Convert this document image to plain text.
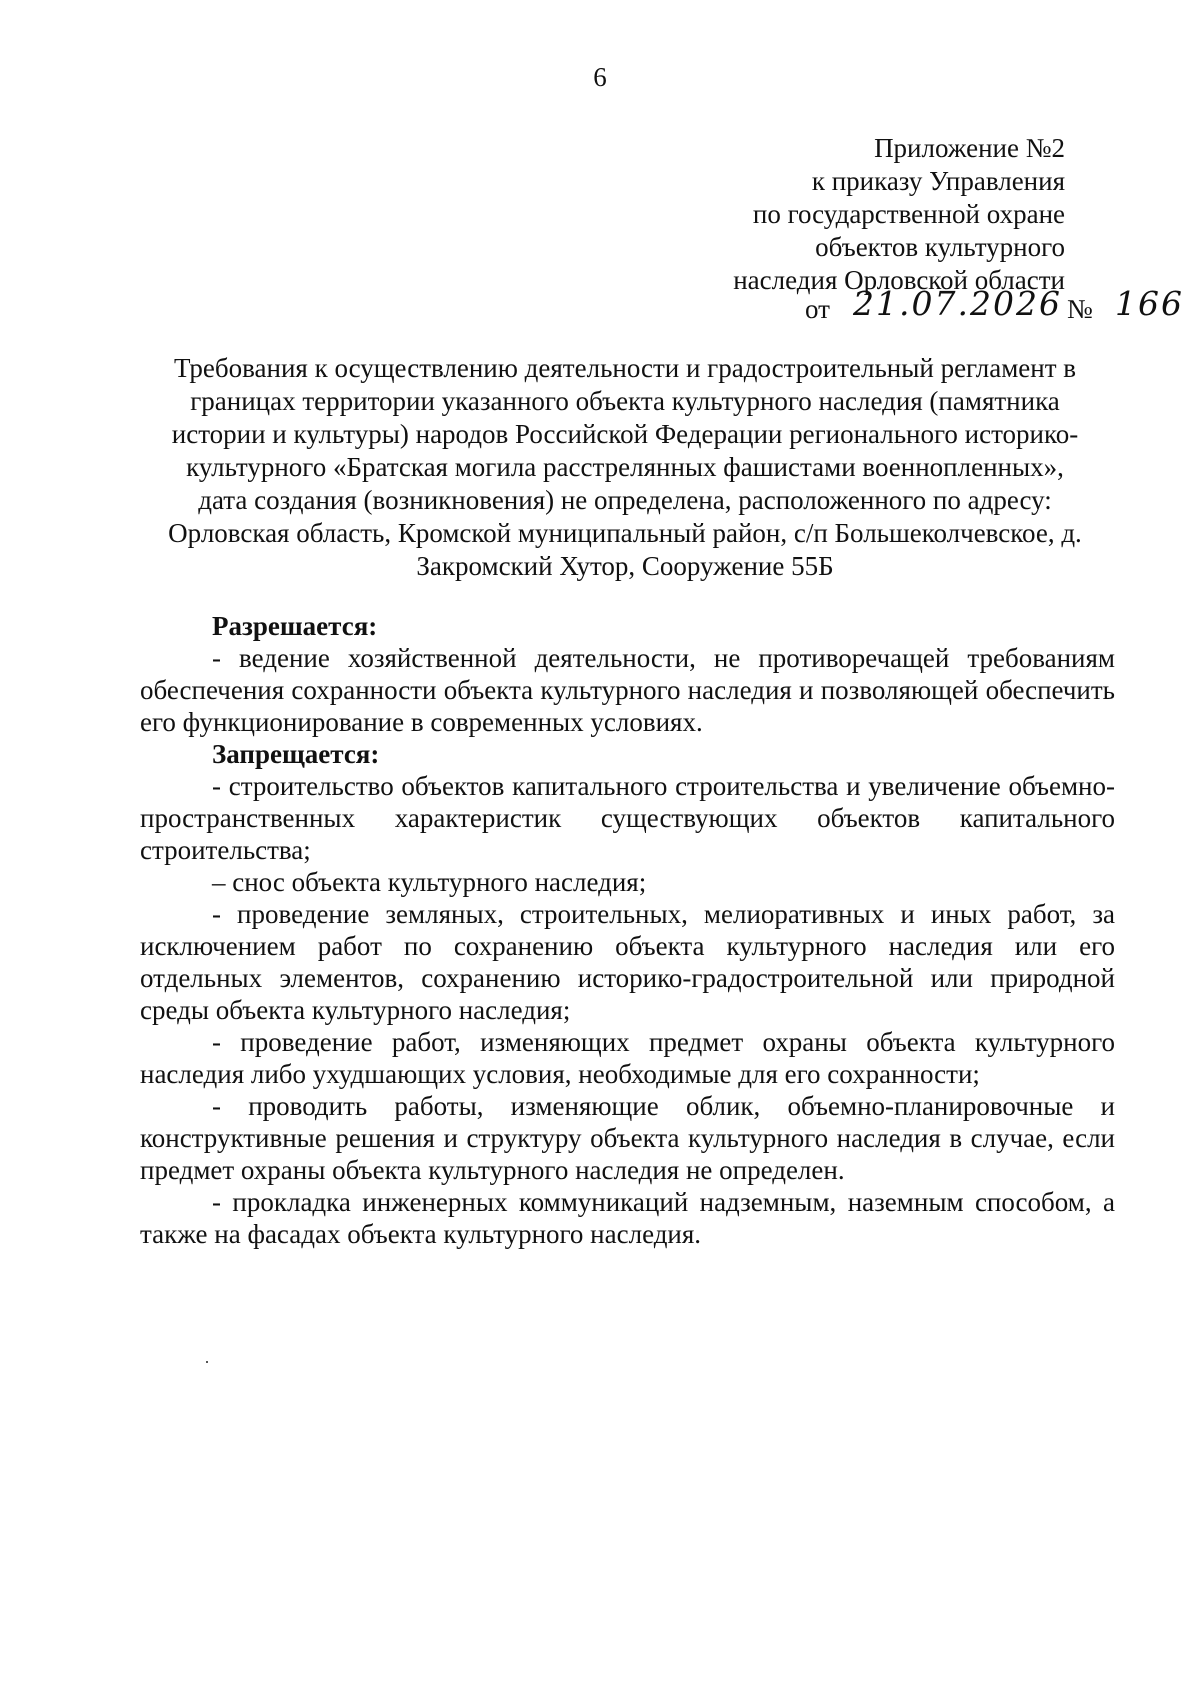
6
Приложение №2
к приказу Управления
по государственной охране
объектов культурного
наследия Орловской области
от 21.07.2026 № 166
Требования к осуществлению деятельности и градостроительный регламент в
границах территории указанного объекта культурного наследия (памятника
истории и культуры) народов Российской Федерации регионального историко-
культурного «Братская могила расстрелянных фашистами военнопленных»,
дата создания (возникновения) не определена, расположенного по адресу:
Орловская область, Кромской муниципальный район, с/п Большеколчевское, д.
Закромский Хутор, Сооружение 55Б

Разрешается:

- ведение хозяйственной деятельности, не противоречащей требованиям обеспечения сохранности объекта культурного наследия и позволяющей обеспечить его функционирование в современных условиях.

Запрещается:

- строительство объектов капитального строительства и увеличение объемно-пространственных характеристик существующих объектов капитального строительства;

– снос объекта культурного наследия;

- проведение земляных, строительных, мелиоративных и иных работ, за исключением работ по сохранению объекта культурного наследия или его отдельных элементов, сохранению историко-градостроительной или природной среды объекта культурного наследия;

- проведение работ, изменяющих предмет охраны объекта культурного наследия либо ухудшающих условия, необходимые для его сохранности;

- проводить работы, изменяющие облик, объемно-планировочные и конструктивные решения и структуру объекта культурного наследия в случае, если предмет охраны объекта культурного наследия не определен.

- прокладка инженерных коммуникаций надземным, наземным способом, а также на фасадах объекта культурного наследия.
